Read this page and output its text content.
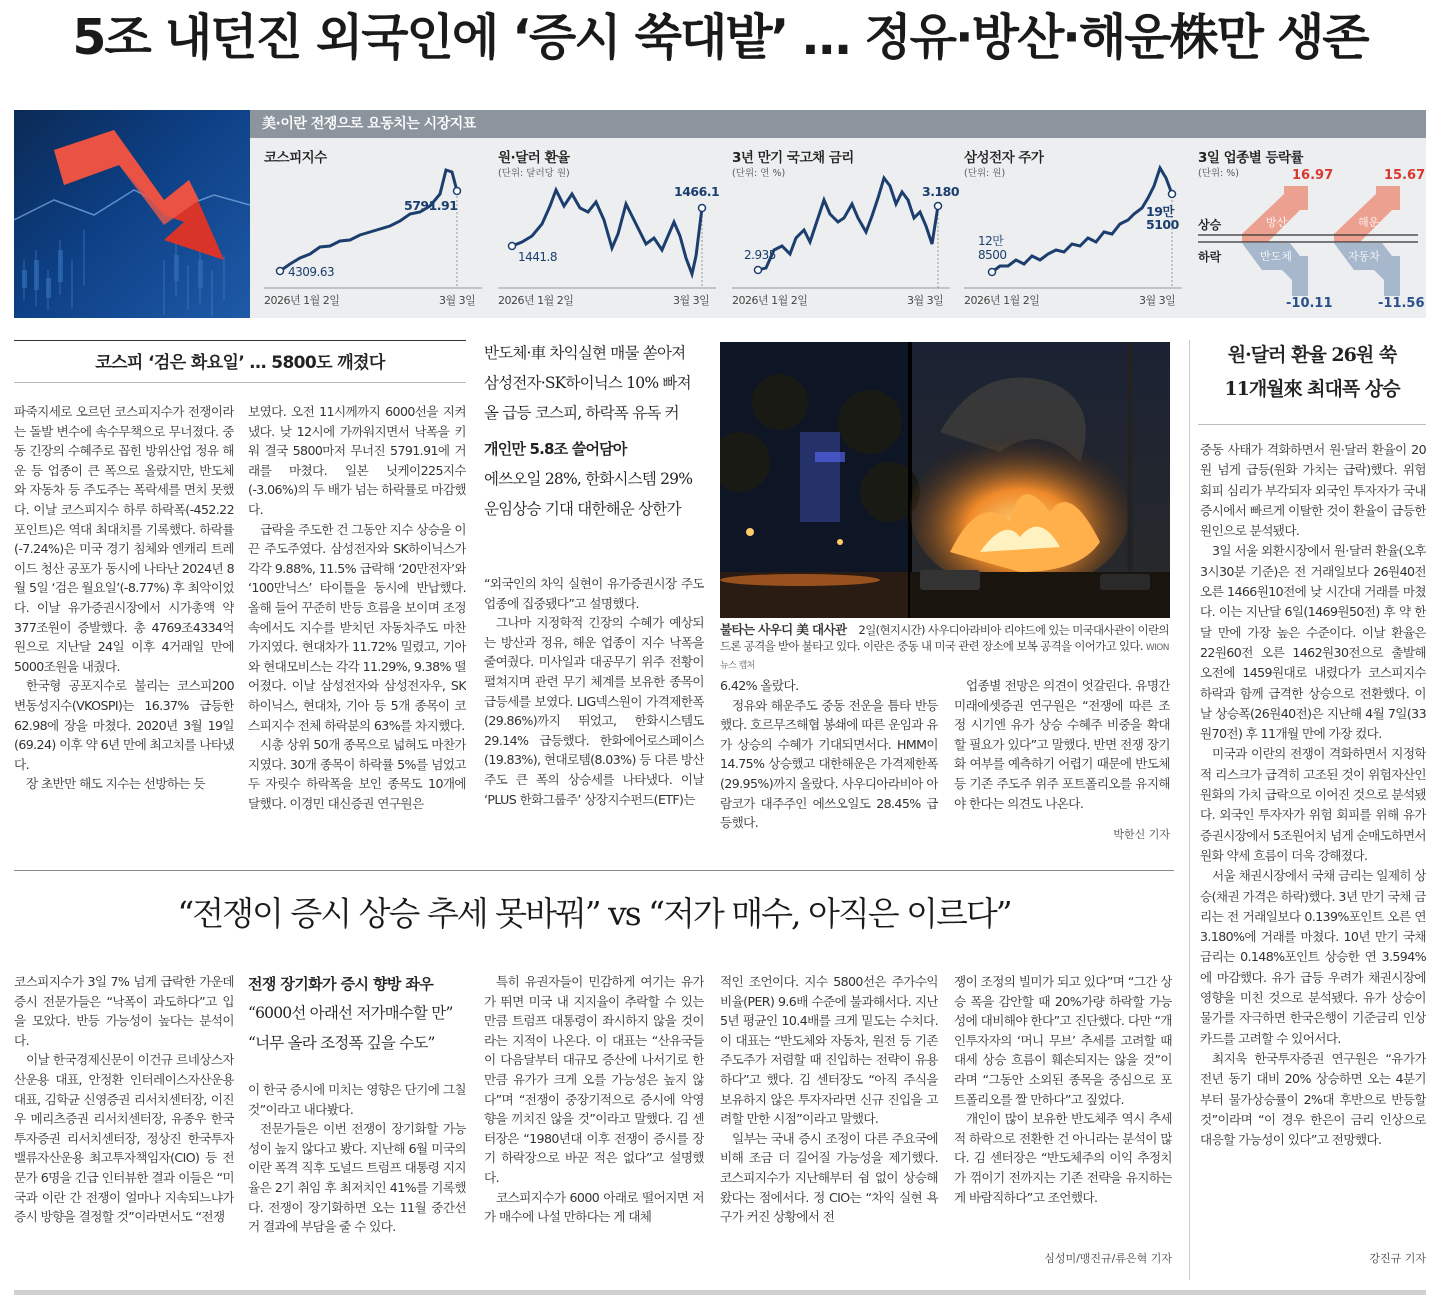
5조 내던진 외국인에 ‘증시 쑥대밭’ … 정유·방산·해운株만 생존
美·이란 전쟁으로 요동치는 시장지표
코스피지수
4309.63
5791.91
2026년 1월 2일	3월 3일
원·달러 환율
(단위: 달러당 원)
1441.8
1466.1
2026년 1월 2일	3월 3일
3년 만기 국고채 금리
(단위: 연 %)
2.935
3.180
2026년 1월 2일	3월 3일
삼성전자 주가
(단위: 원)
12만
8500
19만
5100
2026년 1월 2일	3월 3일
3일 업종별 등락률
(단위: %)
상승
하락
방산	해운
16.97	15.67
반도체	자동차
-10.11	-11.56
코스피 ‘검은 화요일’ … 5800도 깨졌다

파죽지세로 오르던 코스피지수가 전쟁이라는 돌발 변수에 속수무책으로 무너졌다. 중동 긴장의 수혜주로 꼽힌 방위산업 정유 해운 등 업종이 큰 폭으로 올랐지만, 반도체와 자동차 등 주도주는 폭락세를 면치 못했다. 이날 코스피지수 하루 하락폭(-452.22포인트)은 역대 최대치를 기록했다. 하락률(-7.24%)은 미국 경기 침체와 엔캐리 트레이드 청산 공포가 동시에 나타난 2024년 8월 5일 ‘검은 월요일’(-8.77%) 후 최악이었다. 이날 유가증권시장에서 시가총액 약 377조원이 증발했다. 총 4769조4334억원으로 지난달 24일 이후 4거래일 만에 5000조원을 내줬다.

한국형 공포지수로 불리는 코스피200 변동성지수(VKOSPI)는 16.37% 급등한 62.98에 장을 마쳤다. 2020년 3월 19일(69.24) 이후 약 6년 만에 최고치를 나타냈다.

장 초반만 해도 지수는 선방하는 듯

보였다. 오전 11시께까지 6000선을 지켜냈다. 낮 12시에 가까워지면서 낙폭을 키워 결국 5800마저 무너진 5791.91에 거래를 마쳤다. 일본 닛케이225지수(-3.06%)의 두 배가 넘는 하락률로 마감했다.

급락을 주도한 건 그동안 지수 상승을 이끈 주도주였다. 삼성전자와 SK하이닉스가 각각 9.88%, 11.5% 급락해 ‘20만전자’와 ‘100만닉스’ 타이틀을 동시에 반납했다. 올해 들어 꾸준히 반등 흐름을 보이며 조정 속에서도 지수를 받치던 자동차주도 마찬가지였다. 현대차가 11.72% 밀렸고, 기아와 현대모비스는 각각 11.29%, 9.38% 떨어졌다. 이날 삼성전자와 삼성전자우, SK하이닉스, 현대차, 기아 등 5개 종목이 코스피지수 전체 하락분의 63%를 차지했다.

시총 상위 50개 종목으로 넓혀도 마찬가지였다. 30개 종목이 하락률 5%를 넘었고 두 자릿수 하락폭을 보인 종목도 10개에 달했다. 이경민 대신증권 연구원은

반도체·車 차익실현 매물 쏟아져
삼성전자·SK하이닉스 10% 빠져
올 급등 코스피, 하락폭 유독 커
개인만 5.8조 쓸어담아
에쓰오일 28%, 한화시스템 29%
운임상승 기대 대한해운 상한가

“외국인의 차익 실현이 유가증권시장 주도 업종에 집중됐다”고 설명했다.

그나마 지정학적 긴장의 수혜가 예상되는 방산과 정유, 해운 업종이 지수 낙폭을 줄여줬다. 미사일과 대공무기 위주 전황이 펼쳐지며 관련 무기 체계를 보유한 종목이 급등세를 보였다. LIG넥스원이 가격제한폭(29.86%)까지 뛰었고, 한화시스템도 29.14% 급등했다. 한화에어로스페이스(19.83%), 현대로템(8.03%) 등 다른 방산주도 큰 폭의 상승세를 나타냈다. 이날 ‘PLUS 한화그룹주’ 상장지수펀드(ETF)는

불타는 사우디 美 대사관 2일(현지시간) 사우디아라비아 리야드에 있는 미국대사관이 이란의 드론 공격을 받아 불타고 있다. 이란은 중동 내 미국 관련 장소에 보복 공격을 이어가고 있다. WION뉴스 캡처

6.42% 올랐다.

정유와 해운주도 중동 전운을 틈타 반등했다. 호르무즈해협 봉쇄에 따른 운임과 유가 상승의 수혜가 기대되면서다. HMM이 14.75% 상승했고 대한해운은 가격제한폭(29.95%)까지 올랐다. 사우디아라비아 아람코가 대주주인 에쓰오일도 28.45% 급등했다.

업종별 전망은 의견이 엇갈린다. 유명간 미래에셋증권 연구원은 “전쟁에 따른 조정 시기엔 유가 상승 수혜주 비중을 확대할 필요가 있다”고 말했다. 반면 전쟁 장기화 여부를 예측하기 어렵기 때문에 반도체 등 기존 주도주 위주 포트폴리오를 유지해야 한다는 의견도 나온다.

박한신 기자
원·달러 환율 26원 쑥
11개월來 최대폭 상승

중동 사태가 격화하면서 원·달러 환율이 20원 넘게 급등(원화 가치는 급락)했다. 위험 회피 심리가 부각되자 외국인 투자자가 국내 증시에서 빠르게 이탈한 것이 환율이 급등한 원인으로 분석됐다.

3일 서울 외환시장에서 원·달러 환율(오후 3시30분 기준)은 전 거래일보다 26원40전 오른 1466원10전에 낮 시간대 거래를 마쳤다. 이는 지난달 6일(1469원50전) 후 약 한 달 만에 가장 높은 수준이다. 이날 환율은 22원60전 오른 1462원30전으로 출발해 오전에 1459원대로 내렸다가 코스피지수 하락과 함께 급격한 상승으로 전환했다. 이날 상승폭(26원40전)은 지난해 4월 7일(33원70전) 후 11개월 만에 가장 컸다.

미국과 이란의 전쟁이 격화하면서 지정학적 리스크가 급격히 고조된 것이 위험자산인 원화의 가치 급락으로 이어진 것으로 분석됐다. 외국인 투자자가 위험 회피를 위해 유가증권시장에서 5조원어치 넘게 순매도하면서 원화 약세 흐름이 더욱 강해졌다.

서울 채권시장에서 국채 금리는 일제히 상승(채권 가격은 하락)했다. 3년 만기 국채 금리는 전 거래일보다 0.139%포인트 오른 연 3.180%에 거래를 마쳤다. 10년 만기 국채 금리는 0.148%포인트 상승한 연 3.594%에 마감했다. 유가 급등 우려가 채권시장에 영향을 미친 것으로 분석됐다. 유가 상승이 물가를 자극하면 한국은행이 기준금리 인상 카드를 고려할 수 있어서다.

최지욱 한국투자증권 연구원은 “유가가 전년 동기 대비 20% 상승하면 오는 4분기부터 물가상승률이 2%대 후반으로 반등할 것”이라며 “이 경우 한은이 금리 인상으로 대응할 가능성이 있다”고 전망했다.

강진규 기자
“전쟁이 증시 상승 추세 못바꿔” vs “저가 매수, 아직은 이르다”

코스피지수가 3일 7% 넘게 급락한 가운데 증시 전문가들은 “낙폭이 과도하다”고 입을 모았다. 반등 가능성이 높다는 분석이다.

이날 한국경제신문이 이건규 르네상스자산운용 대표, 안정환 인터레이스자산운용 대표, 김학균 신영증권 리서치센터장, 이진우 메리츠증권 리서치센터장, 유종우 한국투자증권 리서치센터장, 정상진 한국투자밸류자산운용 최고투자책임자(CIO) 등 전문가 6명을 긴급 인터뷰한 결과 이들은 “미국과 이란 간 전쟁이 얼마나 지속되느냐가 증시 방향을 결정할 것”이라면서도 “전쟁

전쟁 장기화가 증시 향방 좌우
“6000선 아래선 저가매수할 만”
“너무 올라 조정폭 깊을 수도”

이 한국 증시에 미치는 영향은 단기에 그칠 것”이라고 내다봤다.

전문가들은 이번 전쟁이 장기화할 가능성이 높지 않다고 봤다. 지난해 6월 미국의 이란 폭격 직후 도널드 트럼프 대통령 지지율은 2기 취임 후 최저치인 41%를 기록했다. 전쟁이 장기화하면 오는 11월 중간선거 결과에 부담을 줄 수 있다.

특히 유권자들이 민감하게 여기는 유가가 뛰면 미국 내 지지율이 추락할 수 있는 만큼 트럼프 대통령이 좌시하지 않을 것이라는 지적이 나온다. 이 대표는 “산유국들이 다음달부터 대규모 증산에 나서기로 한 만큼 유가가 크게 오를 가능성은 높지 않다”며 “전쟁이 중장기적으로 증시에 악영향을 끼치진 않을 것”이라고 말했다. 김 센터장은 “1980년대 이후 전쟁이 증시를 장기 하락장으로 바꾼 적은 없다”고 설명했다.

코스피지수가 6000 아래로 떨어지면 저가 매수에 나설 만하다는 게 대체

적인 조언이다. 지수 5800선은 주가수익비율(PER) 9.6배 수준에 불과해서다. 지난 5년 평균인 10.4배를 크게 밑도는 수치다. 이 대표는 “반도체와 자동차, 원전 등 기존 주도주가 저렴할 때 진입하는 전략이 유용하다”고 했다. 김 센터장도 “아직 주식을 보유하지 않은 투자자라면 신규 진입을 고려할 만한 시점”이라고 말했다.

일부는 국내 증시 조정이 다른 주요국에 비해 조금 더 길어질 가능성을 제기했다. 코스피지수가 지난해부터 쉼 없이 상승해왔다는 점에서다. 정 CIO는 “차익 실현 욕구가 커진 상황에서 전

쟁이 조정의 빌미가 되고 있다”며 “그간 상승 폭을 감안할 때 20%가량 하락할 가능성에 대비해야 한다”고 진단했다. 다만 “개인투자자의 ‘머니 무브’ 추세를 고려할 때 대세 상승 흐름이 훼손되지는 않을 것”이라며 “그동안 소외된 종목을 중심으로 포트폴리오를 짤 만하다”고 짚었다.

개인이 많이 보유한 반도체주 역시 추세적 하락으로 전환한 건 아니라는 분석이 많다. 김 센터장은 “반도체주의 이익 추정치가 꺾이기 전까지는 기존 전략을 유지하는 게 바람직하다”고 조언했다.

심성미/맹진규/류은혁 기자
